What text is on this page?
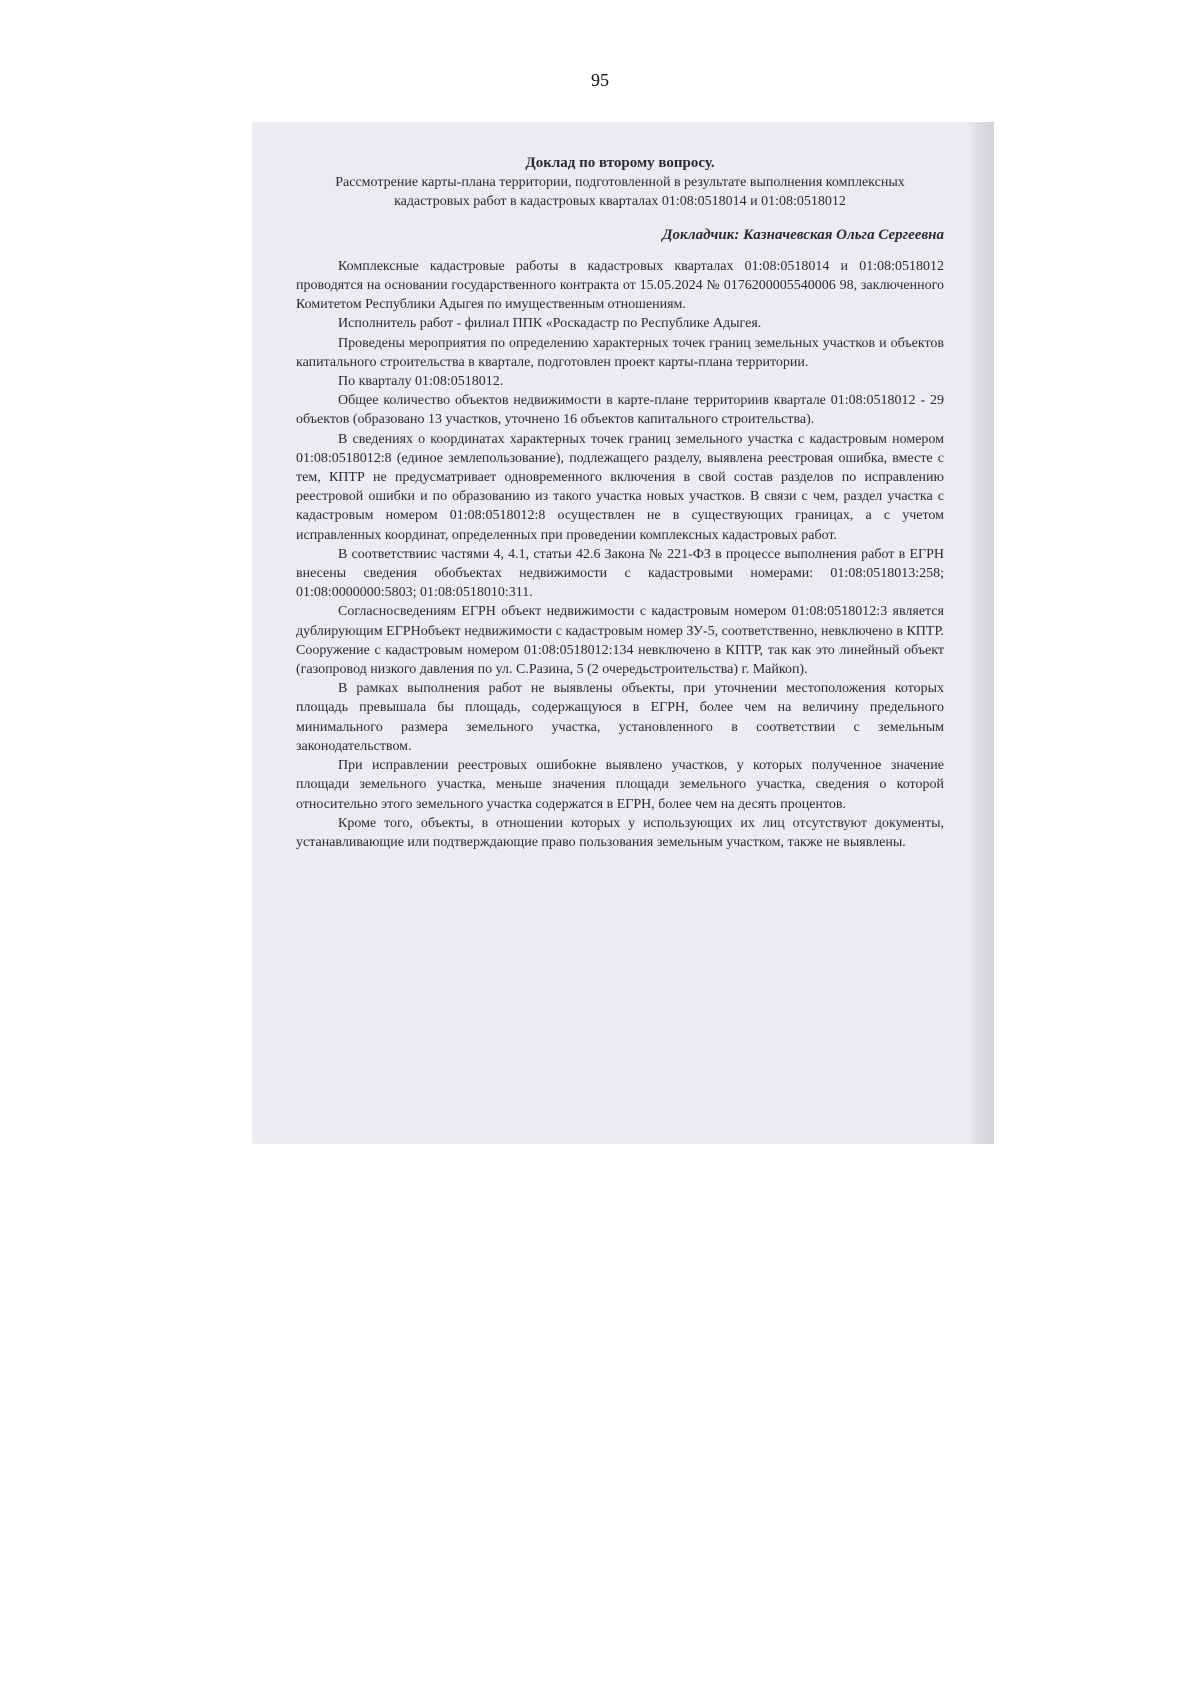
95

Доклад по второму вопросу.

Рассмотрение карты-плана территории, подготовленной в результате выполнения комплексных кадастровых работ в кадастровых кварталах 01:08:0518014 и 01:08:0518012

Докладчик: Казначевская Ольга Сергеевна

Комплексные кадастровые работы в кадастровых кварталах 01:08:0518014 и 01:08:0518012 проводятся на основании государственного контракта от 15.05.2024 № 0176200005540006 98, заключенного Комитетом Республики Адыгея по имущественным отношениям.

Исполнитель работ - филиал ППК «Роскадастр по Республике Адыгея.

Проведены мероприятия по определению характерных точек границ земельных участков и объектов капитального строительства в квартале, подготовлен проект карты-плана территории.

По кварталу 01:08:0518012.

Общее количество объектов недвижимости в карте-плане территориив квартале 01:08:0518012 - 29 объектов (образовано 13 участков, уточнено 16 объектов капитального строительства).

В сведениях о координатах характерных точек границ земельного участка с кадастровым номером 01:08:0518012:8 (единое землепользование), подлежащего разделу, выявлена реестровая ошибка, вместе с тем, КПТР не предусматривает одновременного включения в свой состав разделов по исправлению реестровой ошибки и по образованию из такого участка новых участков. В связи с чем, раздел участка с кадастровым номером 01:08:0518012:8 осуществлен не в существующих границах, а с учетом исправленных координат, определенных при проведении комплексных кадастровых работ.

В соответствиис частями 4, 4.1, статьи 42.6 Закона № 221-ФЗ в процессе выполнения работ в ЕГРН внесены сведения обобъектах недвижимости с кадастровыми номерами: 01:08:0518013:258; 01:08:0000000:5803; 01:08:0518010:311.

Согласносведениям ЕГРН объект недвижимости с кадастровым номером 01:08:0518012:3 является дублирующим ЕГРНобъект недвижимости с кадастровым номер ЗУ-5, соответственно, невключено в КПТР. Сооружение с кадастровым номером 01:08:0518012:134 невключено в КПТР, так как это линейный объект (газопровод низкого давления по ул. С.Разина, 5 (2 очередьстроительства) г. Майкоп).

В рамках выполнения работ не выявлены объекты, при уточнении местоположения которых площадь превышала бы площадь, содержащуюся в ЕГРН, более чем на величину предельного минимального размера земельного участка, установленного в соответствии с земельным законодательством.

При исправлении реестровых ошибокне выявлено участков, у которых полученное значение площади земельного участка, меньше значения площади земельного участка, сведения о которой относительно этого земельного участка содержатся в ЕГРН, более чем на десять процентов.

Кроме того, объекты, в отношении которых у использующих их лиц отсутствуют документы, устанавливающие или подтверждающие право пользования земельным участком, также не выявлены.
